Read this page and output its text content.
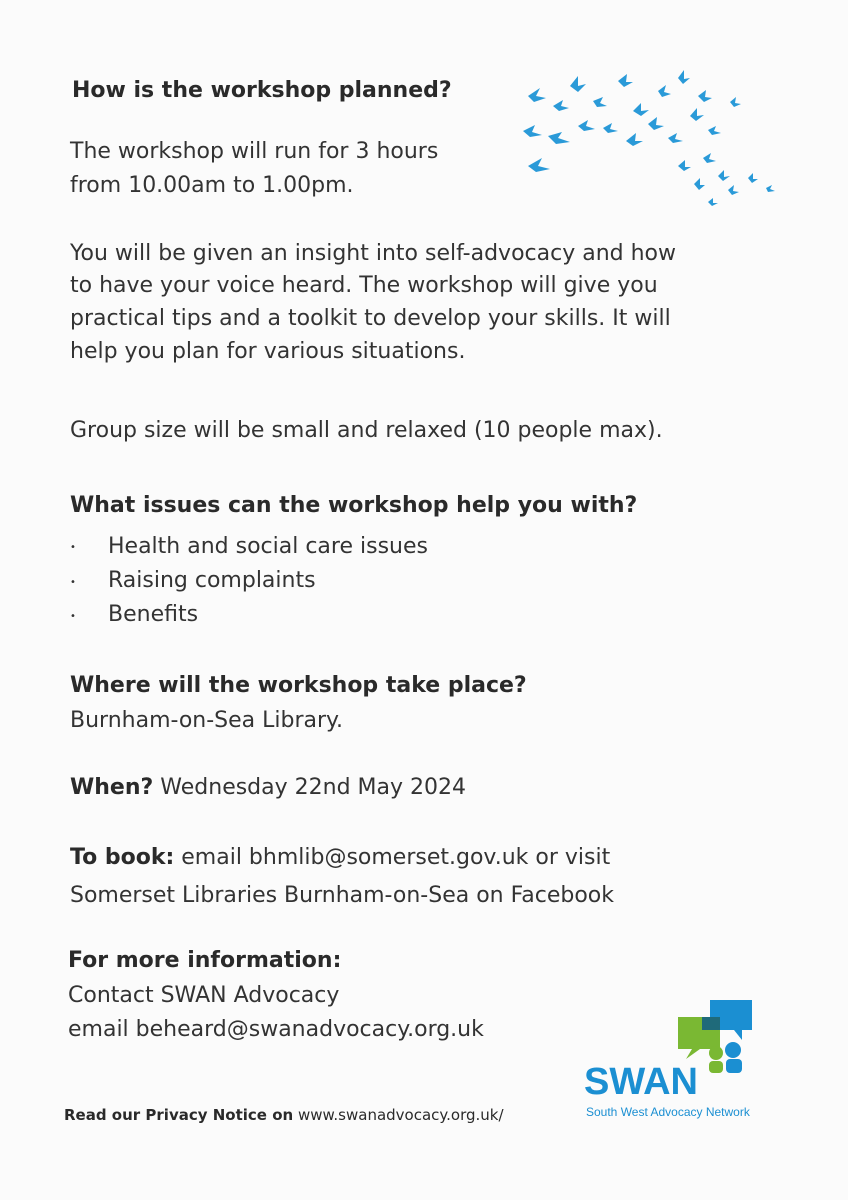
How is the workshop planned?
The workshop will run for 3 hours
from 10.00am to 1.00pm.
You will be given an insight into self-advocacy and how
to have your voice heard. The workshop will give you
practical tips and a toolkit to develop your skills. It will
help you plan for various situations.
Group size will be small and relaxed (10 people max).
What issues can the workshop help you with?
• Health and social care issues
• Raising complaints
• Benefits
Where will the workshop take place?
Burnham-on-Sea Library.
When? Wednesday 22nd May 2024
To book: email bhmlib@somerset.gov.uk or visit
Somerset Libraries Burnham-on-Sea on Facebook
For more information:
Contact SWAN Advocacy
email beheard@swanadvocacy.org.uk
Read our Privacy Notice on www.swanadvocacy.org.uk/
SWAN
South West Advocacy Network
